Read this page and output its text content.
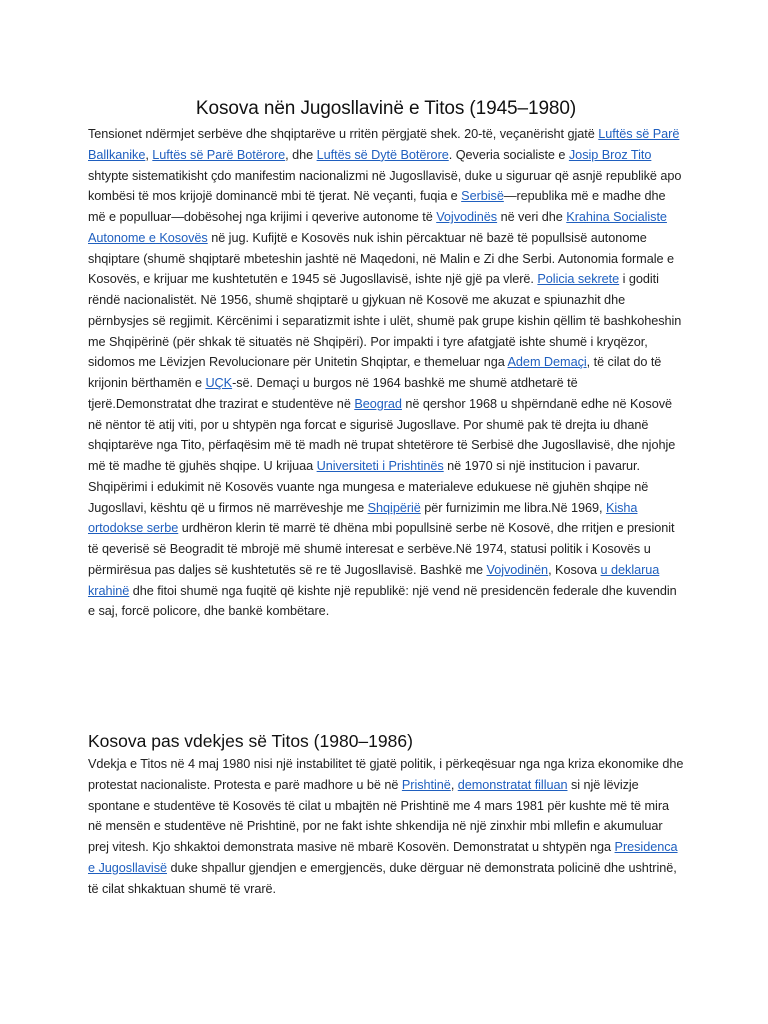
Kosova nën Jugosllavinë e Titos (1945–1980)

Tensionet ndërmjet serbëve dhe shqiptarëve u rritën përgjatë shek. 20-të, veçanërisht gjatë Luftës së Parë Ballkanike, Luftës së Parë Botërore, dhe Luftës së Dytë Botërore. Qeveria socialiste e Josip Broz Tito shtypte sistematikisht çdo manifestim nacionalizmi në Jugosllavisë, duke u siguruar që asnjë republikë apo kombësi të mos krijojë dominancë mbi të tjerat. Në veçanti, fuqia e Serbisë—republika më e madhe dhe më e populluar—dobësohej nga krijimi i qeverive autonome të Vojvodinës në veri dhe Krahina Socialiste Autonome e Kosovës në jug. Kufijtë e Kosovës nuk ishin përcaktuar në bazë të popullsisë autonome shqiptare (shumë shqiptarë mbeteshin jashtë në Maqedoni, në Malin e Zi dhe Serbi. Autonomia formale e Kosovës, e krijuar me kushtetutën e 1945 së Jugosllavisë, ishte një gjë pa vlerë. Policia sekrete i goditi rëndë nacionalistët. Në 1956, shumë shqiptarë u gjykuan në Kosovë me akuzat e spiunazhit dhe përnbysjes së regjimit. Kërcënimi i separatizmit ishte i ulët, shumë pak grupe kishin qëllim të bashkoheshin me Shqipërinë (për shkak të situatës në Shqipëri). Por impakti i tyre afatgjatë ishte shumë i kryqëzor, sidomos me Lëvizjen Revolucionare për Unitetin Shqiptar, e themeluar nga Adem Demaçi, të cilat do të krijonin bërthamën e UÇK-së. Demaçi u burgos në 1964 bashkë me shumë atdhetarë të tjerë.Demonstratat dhe trazirat e studentëve në Beograd në qershor 1968 u shpërndanë edhe në Kosovë në nëntor të atij viti, por u shtypën nga forcat e sigurisë Jugosllave. Por shumë pak të drejta iu dhanë shqiptarëve nga Tito, përfaqësim më të madh në trupat shtetërore të Serbisë dhe Jugosllavisë, dhe njohje më të madhe të gjuhës shqipe. U krijuaa Universiteti i Prishtinës në 1970 si një institucion i pavarur. Shqipërimi i edukimit në Kosovës vuante nga mungesa e materialeve edukuese në gjuhën shqipe në Jugosllavi, kështu që u firmos në marrëveshje me Shqipërië për furnizimin me libra.Në 1969, Kisha ortodokse serbe urdhëron klerin të marrë të dhëna mbi popullsinë serbe në Kosovë, dhe rritjen e presionit të qeverisë së Beogradit të mbrojë më shumë interesat e serbëve.Në 1974, statusi politik i Kosovës u përmirësua pas daljes së kushtetutës së re të Jugosllavisë. Bashkë me Vojvodinën, Kosova u deklarua krahinë dhe fitoi shumë nga fuqitë që kishte një republikë: një vend në presidencën federale dhe kuvendin e saj, forcë policore, dhe bankë kombëtare.

Kosova pas vdekjes së Titos (1980–1986)

Vdekja e Titos në 4 maj 1980 nisi një instabilitet të gjatë politik, i përkeqësuar nga nga kriza ekonomike dhe protestat nacionaliste. Protesta e parë madhore u bë në Prishtinë, demonstratat filluan si një lëvizje spontane e studentëve të Kosovës të cilat u mbajtën në Prishtinë me 4 mars 1981 për kushte më të mira në mensën e studentëve në Prishtinë, por ne fakt ishte shkendija në një zinxhir mbi mllefin e akumuluar prej vitesh. Kjo shkaktoi demonstrata masive në mbarë Kosovën. Demonstratat u shtypën nga Presidenca e Jugosllavisë duke shpallur gjendjen e emergjencës, duke dërguar në demonstrata policinë dhe ushtrinë, të cilat shkaktuan shumë të vrarë.
